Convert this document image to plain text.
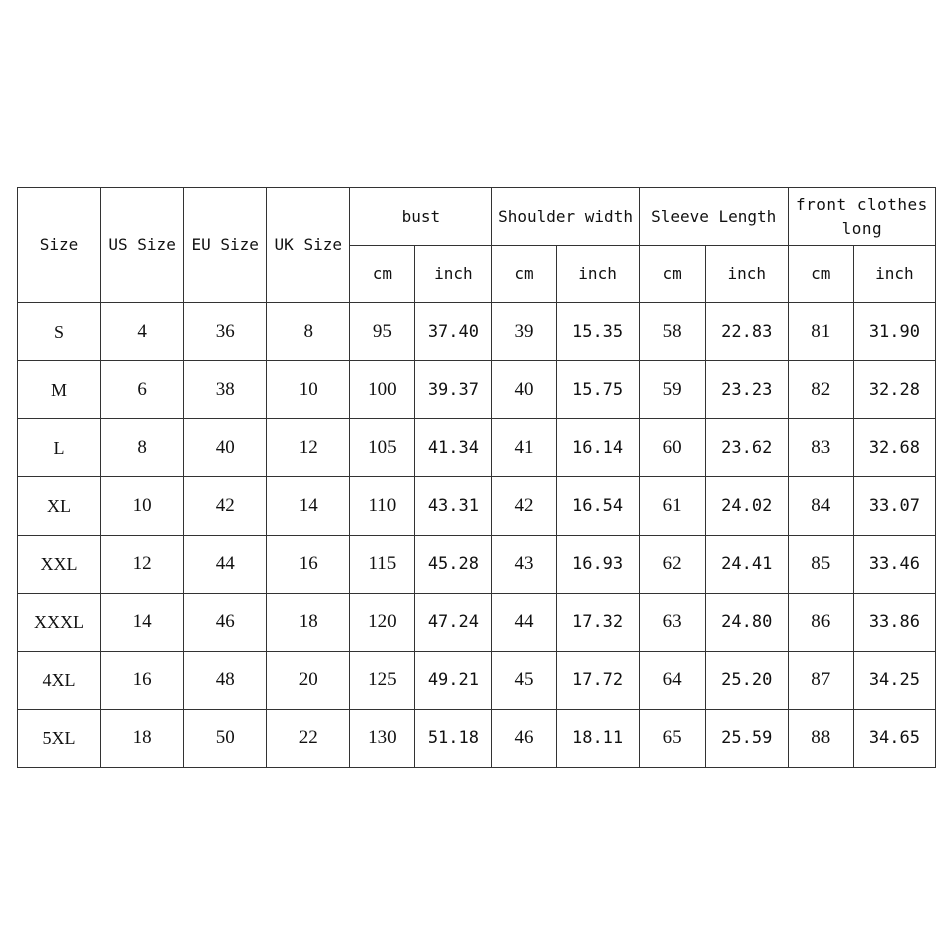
Size	US Size	EU Size	UK Size	bust		Shoulder width		Sleeve Length		front clothes long	
				cm	inch	cm	inch	cm	inch	cm	inch
S	4	36	8	95	37.40	39	15.35	58	22.83	81	31.90
M	6	38	10	100	39.37	40	15.75	59	23.23	82	32.28
L	8	40	12	105	41.34	41	16.14	60	23.62	83	32.68
XL	10	42	14	110	43.31	42	16.54	61	24.02	84	33.07
XXL	12	44	16	115	45.28	43	16.93	62	24.41	85	33.46
XXXL	14	46	18	120	47.24	44	17.32	63	24.80	86	33.86
4XL	16	48	20	125	49.21	45	17.72	64	25.20	87	34.25
5XL	18	50	22	130	51.18	46	18.11	65	25.59	88	34.65
